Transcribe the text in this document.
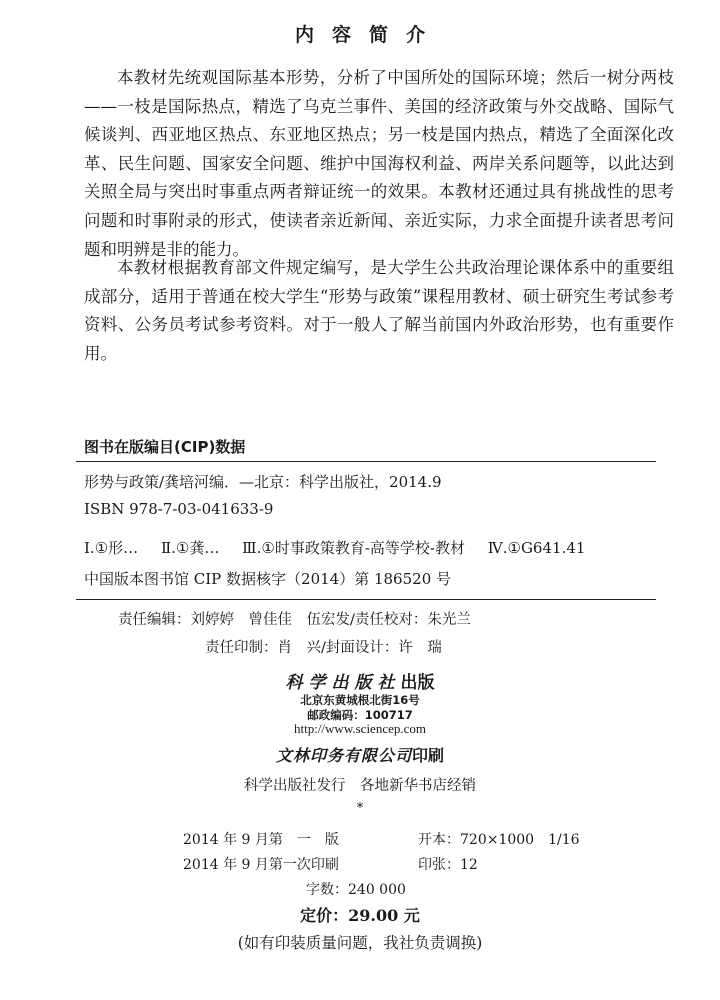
内容简介

本教材先统观国际基本形势，分析了中国所处的国际环境；然后一树分两枝——一枝是国际热点，精选了乌克兰事件、美国的经济政策与外交战略、国际气候谈判、西亚地区热点、东亚地区热点；另一枝是国内热点，精选了全面深化改革、民生问题、国家安全问题、维护中国海权利益、两岸关系问题等，以此达到关照全局与突出时事重点两者辩证统一的效果。本教材还通过具有挑战性的思考问题和时事附录的形式，使读者亲近新闻、亲近实际，力求全面提升读者思考问题和明辨是非的能力。

本教材根据教育部文件规定编写，是大学生公共政治理论课体系中的重要组成部分，适用于普通在校大学生“形势与政策”课程用教材、硕士研究生考试参考资料、公务员考试参考资料。对于一般人了解当前国内外政治形势，也有重要作用。

图书在版编目(CIP)数据
形势与政策/龚培河编．—北京：科学出版社，2014.9
ISBN 978-7-03-041633-9
Ⅰ.①形… Ⅱ.①龚… Ⅲ.①时事政策教育-高等学校-教材 Ⅳ.①G641.41
中国版本图书馆 CIP 数据核字（2014）第 186520 号
责任编辑：刘婷婷　曾佳佳　伍宏发/责任校对：朱光兰
责任印制：肖　兴/封面设计：许　瑞
科学出版社出版
北京东黄城根北街16号
邮政编码：100717
http://www.sciencep.com
文林印务有限公司印刷
科学出版社发行　各地新华书店经销
*
2014 年 9 月第　一　版	开本：720×1000　1/16
2014 年 9 月第一次印刷	印张：12
字数：240 000
定价：29.00 元
(如有印装质量问题，我社负责调换)
